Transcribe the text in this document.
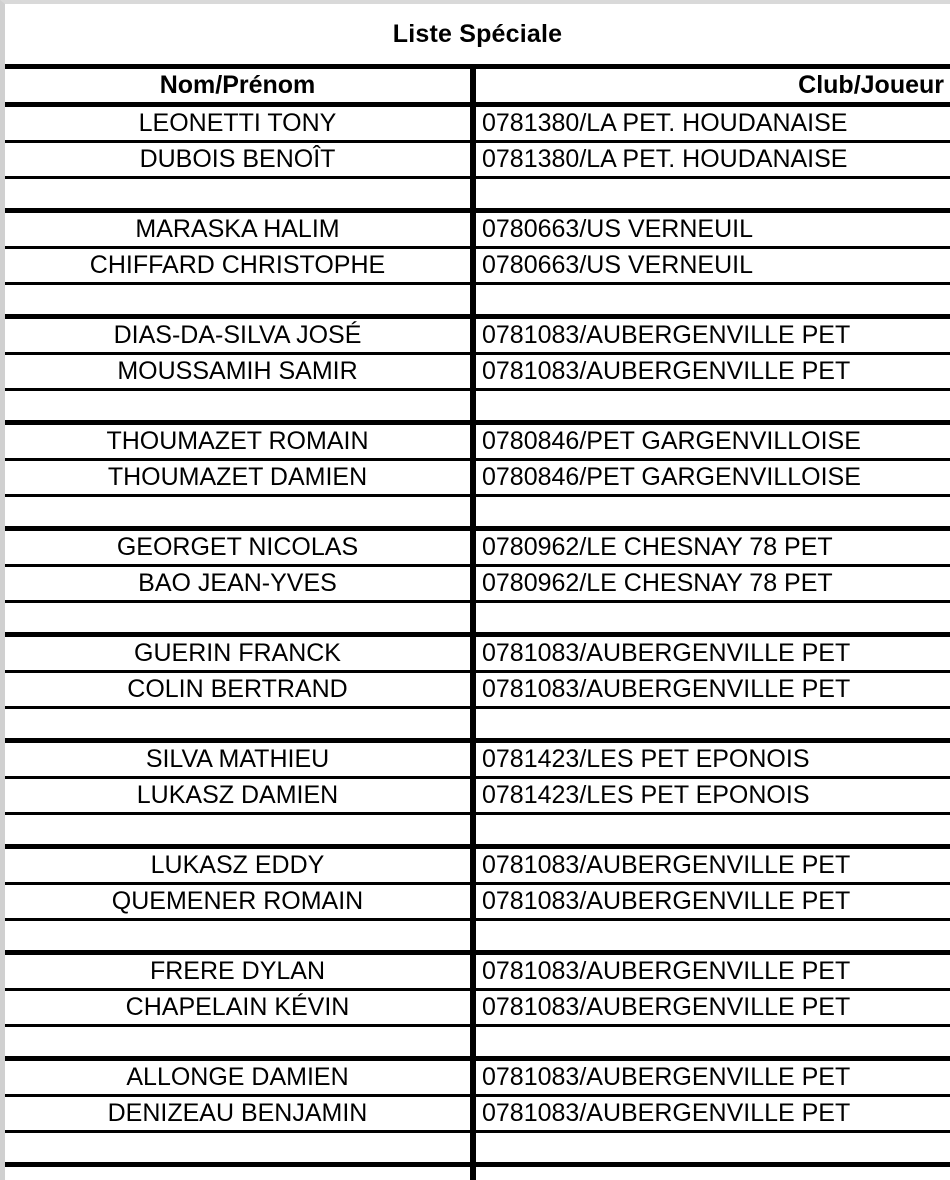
Liste Spéciale	
Nom/Prénom	Club/Joueur
LEONETTI TONY	0781380/LA PET. HOUDANAISE
DUBOIS BENOÎT	0781380/LA PET. HOUDANAISE

MARASKA HALIM	0780663/US VERNEUIL
CHIFFARD CHRISTOPHE	0780663/US VERNEUIL

DIAS-DA-SILVA JOSÉ	0781083/AUBERGENVILLE PET
MOUSSAMIH SAMIR	0781083/AUBERGENVILLE PET

THOUMAZET ROMAIN	0780846/PET GARGENVILLOISE
THOUMAZET DAMIEN	0780846/PET GARGENVILLOISE

GEORGET NICOLAS	0780962/LE CHESNAY 78 PET
BAO JEAN-YVES	0780962/LE CHESNAY 78 PET

GUERIN FRANCK	0781083/AUBERGENVILLE PET
COLIN BERTRAND	0781083/AUBERGENVILLE PET

SILVA MATHIEU	0781423/LES PET EPONOIS
LUKASZ DAMIEN	0781423/LES PET EPONOIS

LUKASZ EDDY	0781083/AUBERGENVILLE PET
QUEMENER ROMAIN	0781083/AUBERGENVILLE PET

FRERE DYLAN	0781083/AUBERGENVILLE PET
CHAPELAIN KÉVIN	0781083/AUBERGENVILLE PET

ALLONGE DAMIEN	0781083/AUBERGENVILLE PET
DENIZEAU BENJAMIN	0781083/AUBERGENVILLE PET
